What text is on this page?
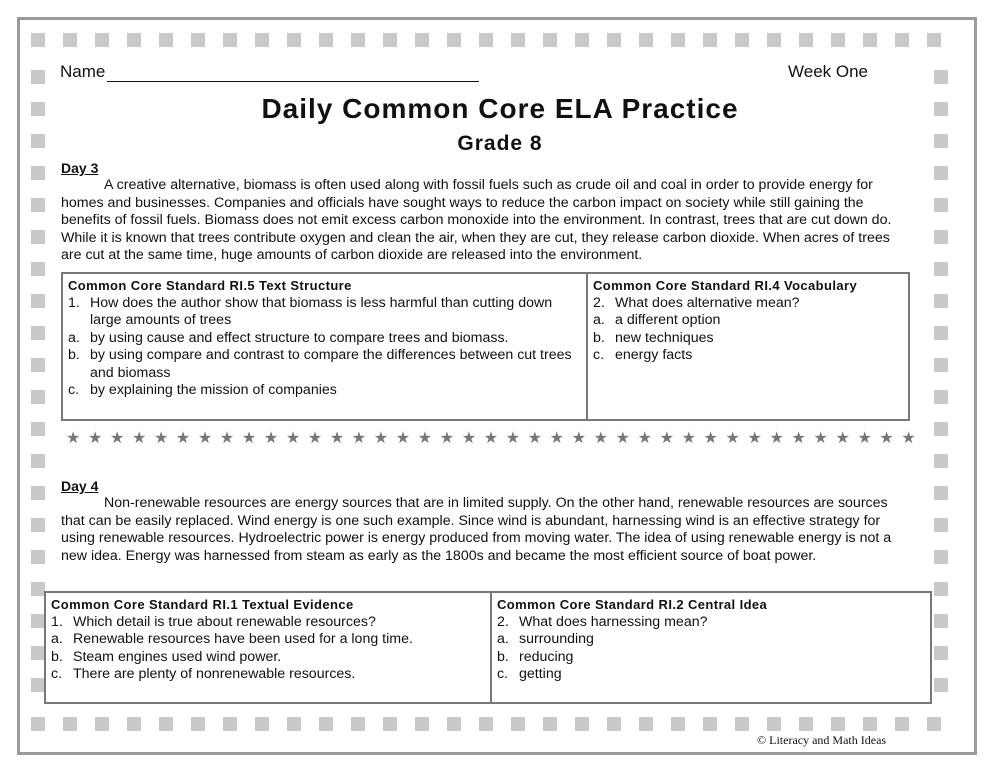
Name	Week One
Daily Common Core ELA Practice
Grade 8
Day 3

A creative alternative, biomass is often used along with fossil fuels such as crude oil and coal in order to provide energy for homes and businesses. Companies and officials have sought ways to reduce the carbon impact on society while still gaining the benefits of fossil fuels. Biomass does not emit excess carbon monoxide into the environment. In contrast, trees that are cut down do. While it is known that trees contribute oxygen and clean the air, when they are cut, they release carbon dioxide. When acres of trees are cut at the same time, huge amounts of carbon dioxide are released into the environment.

Common Core Standard RI.5 Text Structure
1. How does the author show that biomass is less harmful than cutting down large amounts of trees
a. by using cause and effect structure to compare trees and biomass.
b. by using compare and contrast to compare the differences between cut trees and biomass
c. by explaining the mission of companies
Common Core Standard RI.4 Vocabulary
2. What does alternative mean?
a. a different option
b. new techniques
c. energy facts
★ ★ ★ ★ ★ ★ ★ ★ ★ ★ ★ ★ ★ ★ ★ ★ ★ ★ ★ ★ ★ ★ ★ ★ ★ ★ ★ ★ ★ ★ ★ ★ ★ ★ ★ ★ ★ ★ ★
Day 4

Non-renewable resources are energy sources that are in limited supply. On the other hand, renewable resources are sources that can be easily replaced. Wind energy is one such example. Since wind is abundant, harnessing wind is an effective strategy for using renewable resources. Hydroelectric power is energy produced from moving water. The idea of using renewable energy is not a new idea. Energy was harnessed from steam as early as the 1800s and became the most efficient source of boat power.

Common Core Standard RI.1 Textual Evidence
1. Which detail is true about renewable resources?
a. Renewable resources have been used for a long time.
b. Steam engines used wind power.
c. There are plenty of nonrenewable resources.
Common Core Standard RI.2 Central Idea
2. What does harnessing mean?
a. surrounding
b. reducing
c. getting
© Literacy and Math Ideas
